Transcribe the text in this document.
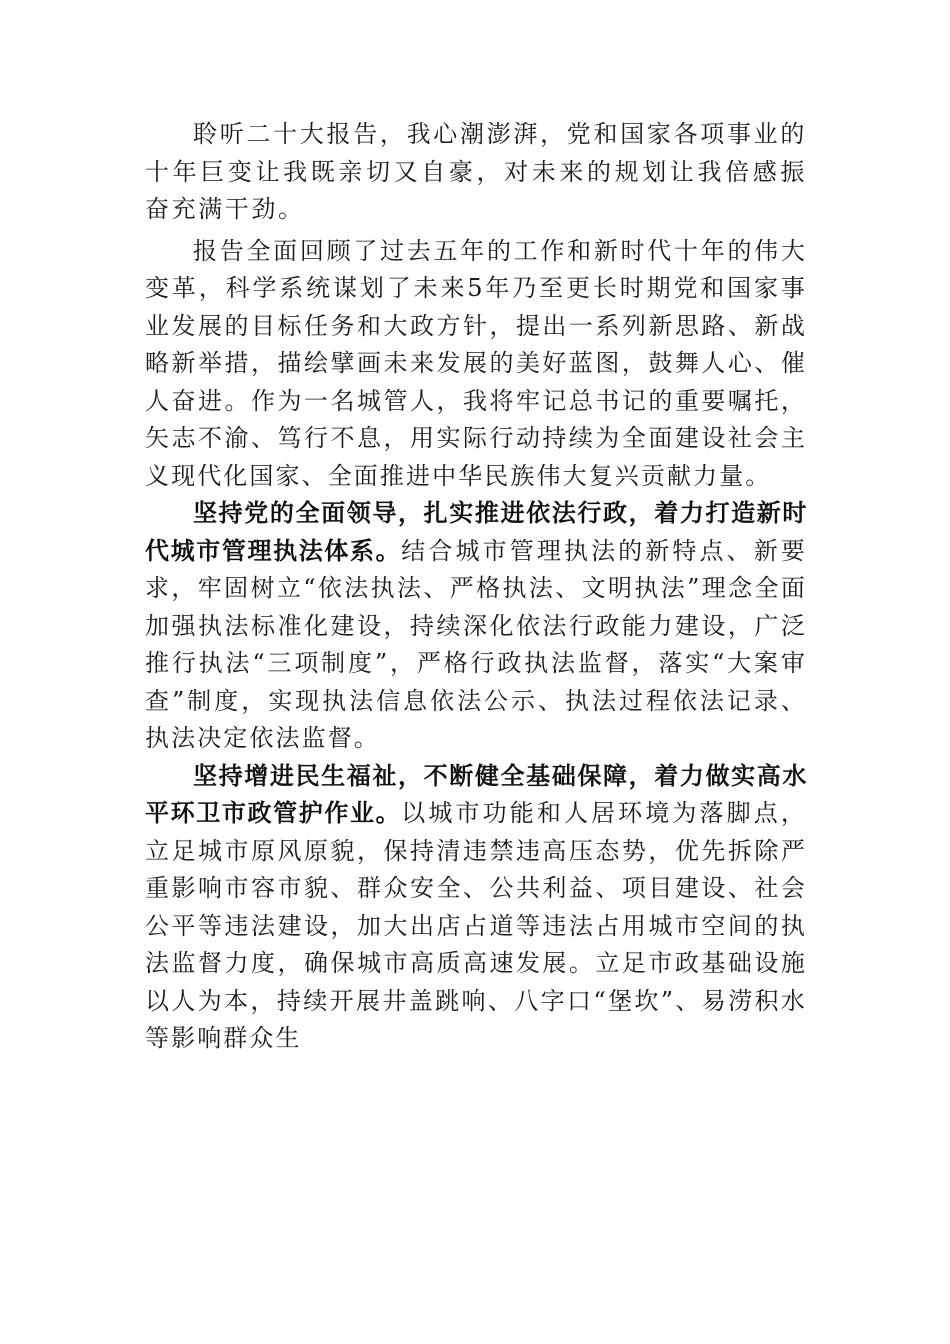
聆听二十大报告，我心潮澎湃，党和国家各项事业的十年巨变让我既亲切又自豪，对未来的规划让我倍感振奋充满干劲。

报告全面回顾了过去五年的工作和新时代十年的伟大变革，科学系统谋划了未来5年乃至更长时期党和国家事业发展的目标任务和大政方针，提出一系列新思路、新战略新举措，描绘擘画未来发展的美好蓝图，鼓舞人心、催人奋进。作为一名城管人，我将牢记总书记的重要嘱托，矢志不渝、笃行不息，用实际行动持续为全面建设社会主义现代化国家、全面推进中华民族伟大复兴贡献力量。

坚持党的全面领导，扎实推进依法行政，着力打造新时代城市管理执法体系。结合城市管理执法的新特点、新要求，牢固树立“依法执法、严格执法、文明执法”理念全面加强执法标准化建设，持续深化依法行政能力建设，广泛推行执法“三项制度”，严格行政执法监督，落实“大案审查”制度，实现执法信息依法公示、执法过程依法记录、执法决定依法监督。

坚持增进民生福祉，不断健全基础保障，着力做实高水平环卫市政管护作业。以城市功能和人居环境为落脚点，立足城市原风原貌，保持清违禁违高压态势，优先拆除严重影响市容市貌、群众安全、公共利益、项目建设、社会公平等违法建设，加大出店占道等违法占用城市空间的执法监督力度，确保城市高质高速发展。立足市政基础设施以人为本，持续开展井盖跳响、八字口“堡坎”、易涝积水等影响群众生
